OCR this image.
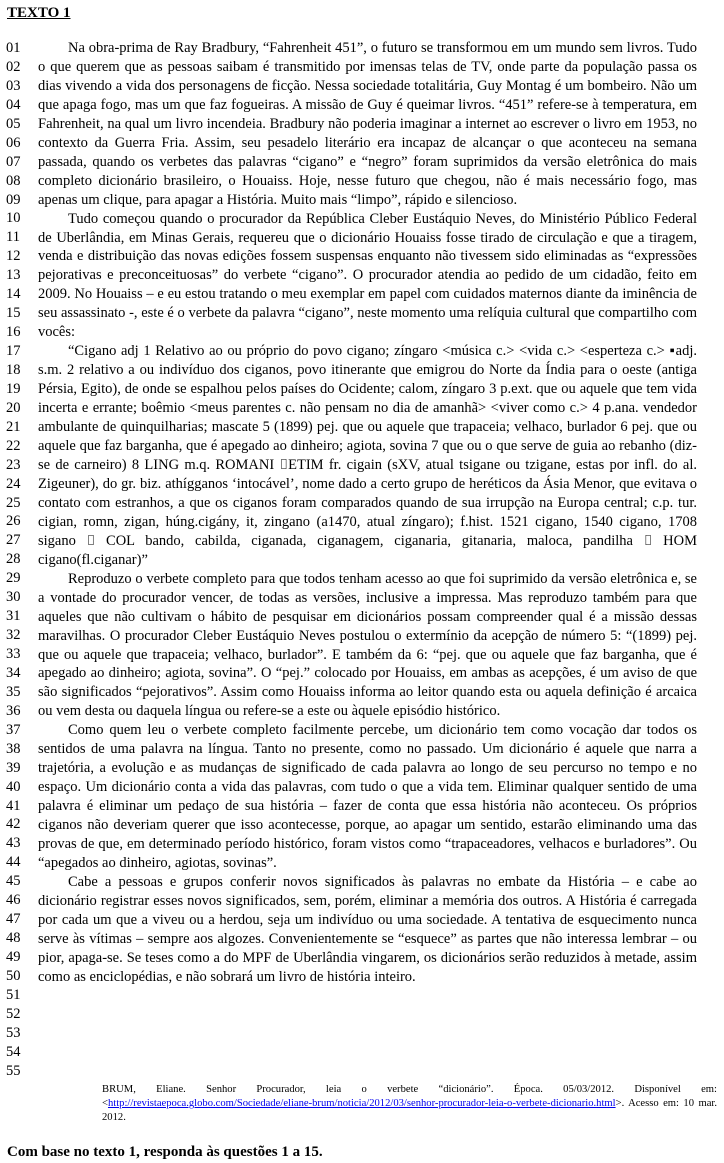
TEXTO 1
01
02
03
04
05
06
07
08
09
10
11
12
13
14
15
16
17
18
19
20
21
22
23
24
25
26
27
28
29
30
31
32
33
34
35
36
37
38
39
40
41
42
43
44
45
46
47
48
49
50
51
52
53
54
55

Na obra-prima de Ray Bradbury, “Fahrenheit 451”, o futuro se transformou em um mundo sem livros. Tudo o que querem que as pessoas saibam é transmitido por imensas telas de TV, onde parte da população passa os dias vivendo a vida dos personagens de ficção. Nessa sociedade totalitária, Guy Montag é um bombeiro. Não um que apaga fogo, mas um que faz fogueiras. A missão de Guy é queimar livros. “451” refere-se à temperatura, em Fahrenheit, na qual um livro incendeia. Bradbury não poderia imaginar a internet ao escrever o livro em 1953, no contexto da Guerra Fria. Assim, seu pesadelo literário era incapaz de alcançar o que aconteceu na semana passada, quando os verbetes das palavras “cigano” e “negro” foram suprimidos da versão eletrônica do mais completo dicionário brasileiro, o Houaiss. Hoje, nesse futuro que chegou, não é mais necessário fogo, mas apenas um clique, para apagar a História. Muito mais “limpo”, rápido e silencioso.

Tudo começou quando o procurador da República Cleber Eustáquio Neves, do Ministério Público Federal de Uberlândia, em Minas Gerais, requereu que o dicionário Houaiss fosse tirado de circulação e que a tiragem, venda e distribuição das novas edições fossem suspensas enquanto não tivessem sido eliminadas as “expressões pejorativas e preconceituosas” do verbete “cigano”. O procurador atendia ao pedido de um cidadão, feito em 2009. No Houaiss – e eu estou tratando o meu exemplar em papel com cuidados maternos diante da iminência de seu assassinato -, este é o verbete da palavra “cigano”, neste momento uma relíquia cultural que compartilho com vocês:

“Cigano adj 1 Relativo ao ou próprio do povo cigano; zíngaro <música c.> <vida c.> <esperteza c.> ▪adj. s.m. 2 relativo a ou indivíduo dos ciganos, povo itinerante que emigrou do Norte da Índia para o oeste (antiga Pérsia, Egito), de onde se espalhou pelos países do Ocidente; calom, zíngaro 3 p.ext. que ou aquele que tem vida incerta e errante; boêmio <meus parentes c. não pensam no dia de amanhã> <viver como c.> 4 p.ana. vendedor ambulante de quinquilharias; mascate 5 (1899) pej. que ou aquele que trapaceia; velhaco, burlador 6 pej. que ou aquele que faz barganha, que é apegado ao dinheiro; agiota, sovina 7 que ou o que serve de guia ao rebanho (diz-se de carneiro) 8 LING m.q. ROMANI ⌷ETIM fr. cigain (sXV, atual tsigane ou tzigane, estas por infl. do al. Zigeuner), do gr. biz. athígganos ‘intocável’, nome dado a certo grupo de heréticos da Ásia Menor, que evitava o contato com estranhos, a que os ciganos foram comparados quando de sua irrupção na Europa central; c.p. tur. cigian, romn, zigan, húng.cigány, it, zingano (a1470, atual zíngaro); f.hist. 1521 cigano, 1540 cigano, 1708 sigano ⌷ COL bando, cabilda, ciganada, ciganagem, ciganaria, gitanaria, maloca, pandilha ⌷ HOM cigano(fl.ciganar)”

Reproduzo o verbete completo para que todos tenham acesso ao que foi suprimido da versão eletrônica e, se a vontade do procurador vencer, de todas as versões, inclusive a impressa. Mas reproduzo também para que aqueles que não cultivam o hábito de pesquisar em dicionários possam compreender qual é a missão dessas maravilhas. O procurador Cleber Eustáquio Neves postulou o extermínio da acepção de número 5: “(1899) pej. que ou aquele que trapaceia; velhaco, burlador”. E também da 6: “pej. que ou aquele que faz barganha, que é apegado ao dinheiro; agiota, sovina”. O “pej.” colocado por Houaiss, em ambas as acepções, é um aviso de que são significados “pejorativos”. Assim como Houaiss informa ao leitor quando esta ou aquela definição é arcaica ou vem desta ou daquela língua ou refere-se a este ou àquele episódio histórico.

Como quem leu o verbete completo facilmente percebe, um dicionário tem como vocação dar todos os sentidos de uma palavra na língua. Tanto no presente, como no passado. Um dicionário é aquele que narra a trajetória, a evolução e as mudanças de significado de cada palavra ao longo de seu percurso no tempo e no espaço. Um dicionário conta a vida das palavras, com tudo o que a vida tem. Eliminar qualquer sentido de uma palavra é eliminar um pedaço de sua história – fazer de conta que essa história não aconteceu. Os próprios ciganos não deveriam querer que isso acontecesse, porque, ao apagar um sentido, estarão eliminando uma das provas de que, em determinado período histórico, foram vistos como “trapaceadores, velhacos e burladores”. Ou “apegados ao dinheiro, agiotas, sovinas”.

Cabe a pessoas e grupos conferir novos significados às palavras no embate da História – e cabe ao dicionário registrar esses novos significados, sem, porém, eliminar a memória dos outros. A História é carregada por cada um que a viveu ou a herdou, seja um indivíduo ou uma sociedade. A tentativa de esquecimento nunca serve às vítimas – sempre aos algozes. Convenientemente se “esquece” as partes que não interessa lembrar – ou pior, apaga-se. Se teses como a do MPF de Uberlândia vingarem, os dicionários serão reduzidos à metade, assim como as enciclopédias, e não sobrará um livro de história inteiro.

BRUM, Eliane. Senhor Procurador, leia o verbete “dicionário”. Época. 05/03/2012. Disponível em: <http://revistaepoca.globo.com/Sociedade/eliane-brum/noticia/2012/03/senhor-procurador-leia-o-verbete-dicionario.html>. Acesso em: 10 mar. 2012.
Com base no texto 1, responda às questões 1 a 15.
